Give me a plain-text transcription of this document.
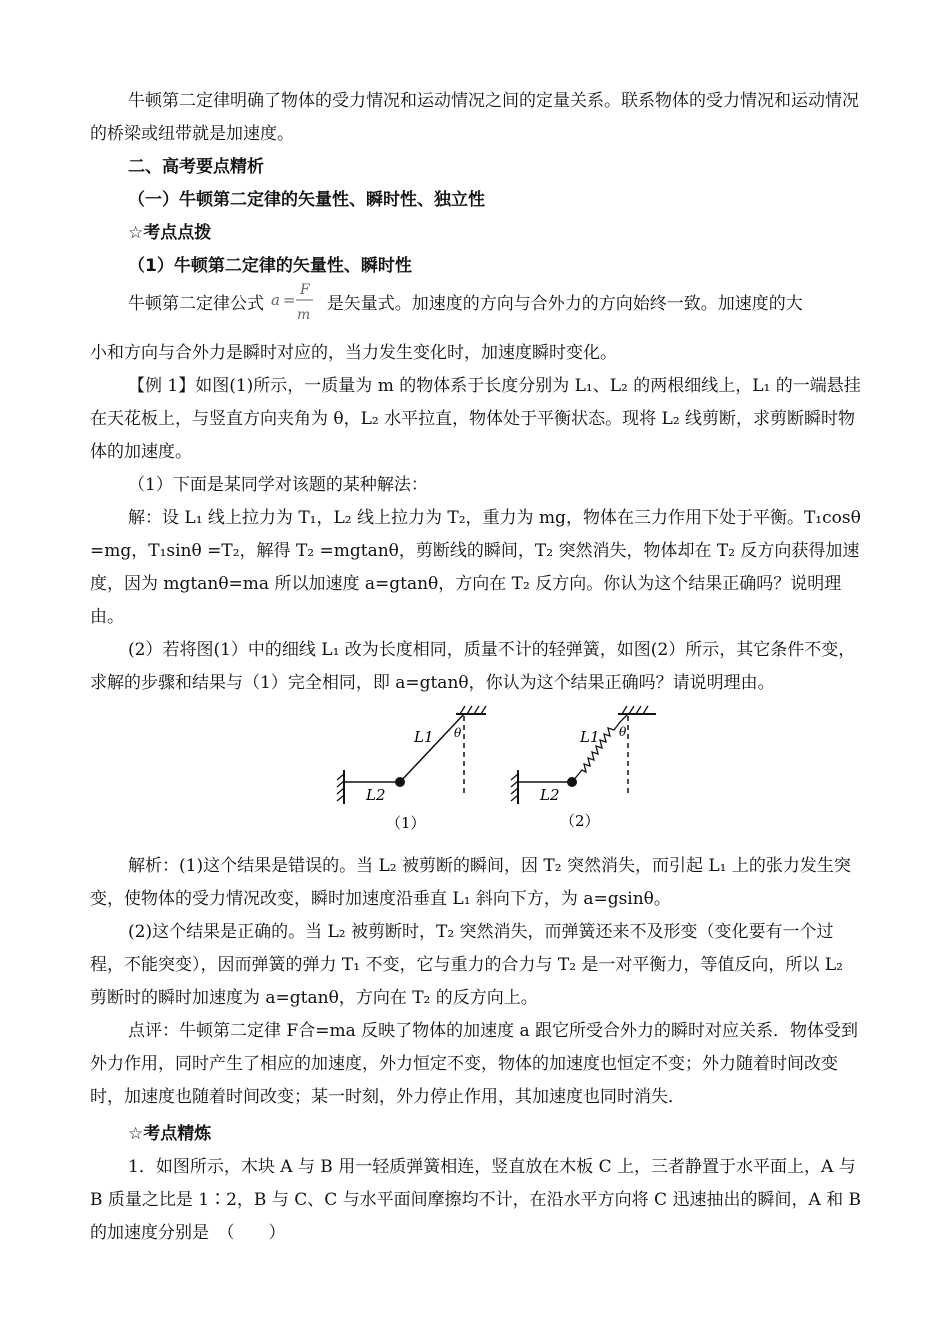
牛顿第二定律明确了物体的受力情况和运动情况之间的定量关系。联系物体的受力情况和运动情况的桥梁或纽带就是加速度。

二、高考要点精析

（一）牛顿第二定律的矢量性、瞬时性、独立性

☆考点点拨

（1）牛顿第二定律的矢量性、瞬时性

牛顿第二定律公式 a =
F
m
是矢量式。加速度的方向与合外力的方向始终一致。加速度的大

小和方向与合外力是瞬时对应的，当力发生变化时，加速度瞬时变化。

【例 1】如图(1)所示，一质量为 m 的物体系于长度分别为 L₁、L₂ 的两根细线上，L₁ 的一端悬挂在天花板上，与竖直方向夹角为 θ，L₂ 水平拉直，物体处于平衡状态。现将 L₂ 线剪断，求剪断瞬时物体的加速度。

（1）下面是某同学对该题的某种解法：

解：设 L₁ 线上拉力为 T₁，L₂ 线上拉力为 T₂，重力为 mg，物体在三力作用下处于平衡。T₁cosθ =mg，T₁sinθ =T₂，解得 T₂ =mgtanθ，剪断线的瞬间，T₂ 突然消失，物体却在 T₂ 反方向获得加速度，因为 mgtanθ=ma 所以加速度 a=gtanθ，方向在 T₂ 反方向。你认为这个结果正确吗？说明理由。

(2）若将图(1）中的细线 L₁ 改为长度相同，质量不计的轻弹簧，如图(2）所示，其它条件不变，求解的步骤和结果与（1）完全相同，即 a=gtanθ，你认为这个结果正确吗？请说明理由。

L1
L2
θ
（1）
L1
L2
θ
（2）

解析：(1)这个结果是错误的。当 L₂ 被剪断的瞬间，因 T₂ 突然消失，而引起 L₁ 上的张力发生突变，使物体的受力情况改变，瞬时加速度沿垂直 L₁ 斜向下方，为 a=gsinθ。

(2)这个结果是正确的。当 L₂ 被剪断时，T₂ 突然消失，而弹簧还来不及形变（变化要有一个过程，不能突变），因而弹簧的弹力 T₁ 不变，它与重力的合力与 T₂ 是一对平衡力，等值反向，所以 L₂ 剪断时的瞬时加速度为 a=gtanθ，方向在 T₂ 的反方向上。

点评：牛顿第二定律 F合=ma 反映了物体的加速度 a 跟它所受合外力的瞬时对应关系．物体受到外力作用，同时产生了相应的加速度，外力恒定不变，物体的加速度也恒定不变；外力随着时间改变时，加速度也随着时间改变；某一时刻，外力停止作用，其加速度也同时消失．

☆考点精炼

1．如图所示，木块 A 与 B 用一轻质弹簧相连，竖直放在木板 C 上，三者静置于水平面上，A 与 B 质量之比是 1∶2，B 与 C、C 与水平面间摩擦均不计，在沿水平方向将 C 迅速抽出的瞬间，A 和 B 的加速度分别是　（　　）
